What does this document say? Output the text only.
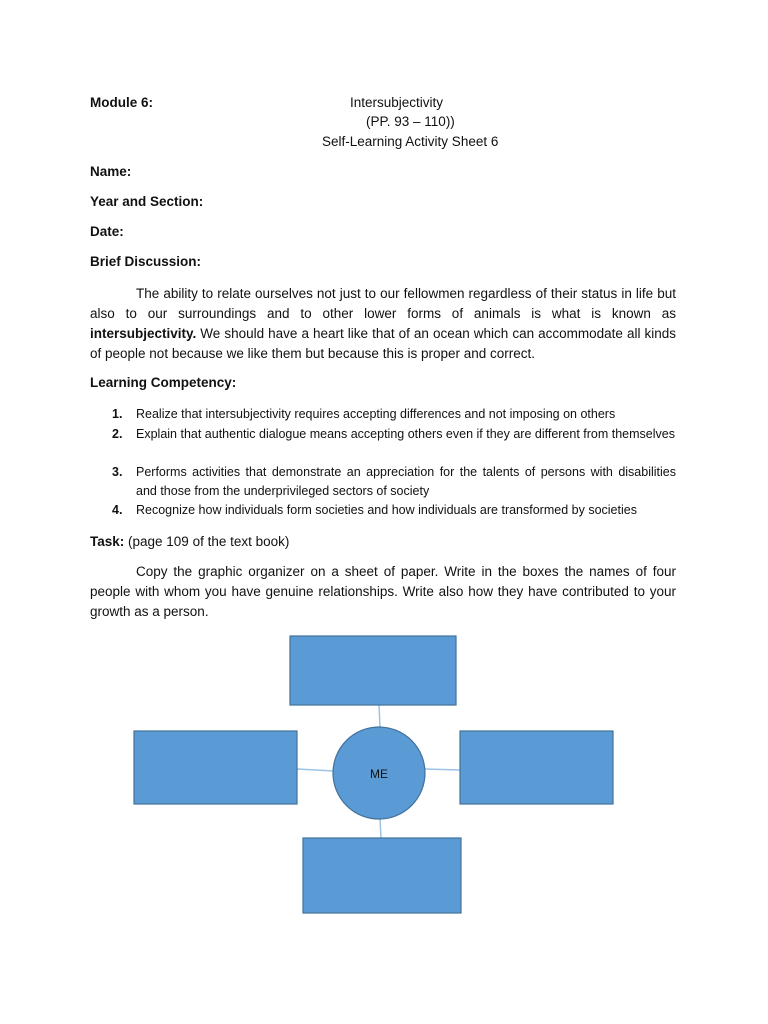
Module 6:	Intersubjectivity
(PP. 93 – 110))
Self-Learning Activity Sheet 6
Name:
Year and Section:
Date:
Brief Discussion:
The ability to relate ourselves not just to our fellowmen regardless of their status in life but also to our surroundings and to other lower forms of animals is what is known as intersubjectivity. We should have a heart like that of an ocean which can accommodate all kinds of people not because we like them but because this is proper and correct.
Learning Competency:
1. Realize that intersubjectivity requires accepting differences and not imposing on others
2. Explain that authentic dialogue means accepting others even if they are different from themselves
3. Performs activities that demonstrate an appreciation for the talents of persons with disabilities and those from the underprivileged sectors of society
4. Recognize how individuals form societies and how individuals are transformed by societies
Task: (page 109 of the text book)
Copy the graphic organizer on a sheet of paper. Write in the boxes the names of four people with whom you have genuine relationships. Write also how they have contributed to your growth as a person.
ME
